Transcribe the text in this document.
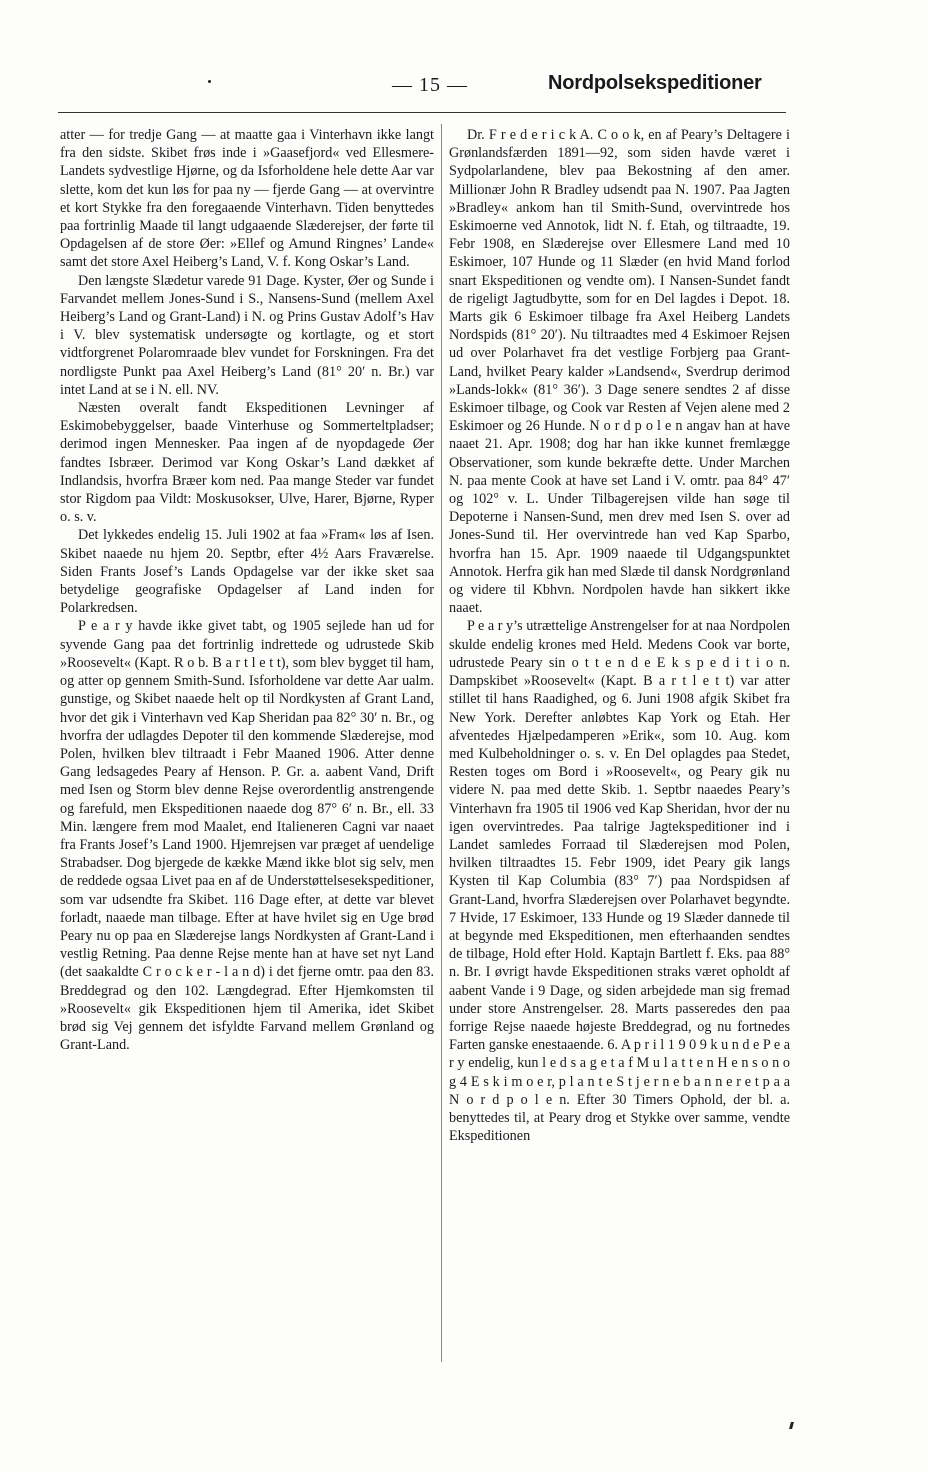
— 15 —	Nordpolsekspeditioner

atter — for tredje Gang — at maatte gaa i Vinterhavn ikke langt fra den sidste. Skibet frøs inde i »Gaasefjord« ved Ellesmere-Landets sydvestlige Hjørne, og da Isforholdene hele dette Aar var slette, kom det kun løs for paa ny — fjerde Gang — at overvintre et kort Stykke fra den foregaaende Vinterhavn. Tiden benyttedes paa fortrinlig Maade til langt udgaaende Slæderejser, der førte til Opdagelsen af de store Øer: »Ellef og Amund Ringnes’ Lande« samt det store Axel Heiberg’s Land, V. f. Kong Oskar’s Land.

Den længste Slædetur varede 91 Dage. Kyster, Øer og Sunde i Farvandet mellem Jones-Sund i S., Nansens-Sund (mellem Axel Heiberg’s Land og Grant-Land) i N. og Prins Gustav Adolf’s Hav i V. blev systematisk undersøgte og kortlagte, og et stort vidtforgrenet Polaromraade blev vundet for Forskningen. Fra det nordligste Punkt paa Axel Heiberg’s Land (81° 20′ n. Br.) var intet Land at se i N. ell. NV.

Næsten overalt fandt Ekspeditionen Levninger af Eskimobebyggelser, baade Vinterhuse og Sommerteltpladser; derimod ingen Mennesker. Paa ingen af de nyopdagede Øer fandtes Isbræer. Derimod var Kong Oskar’s Land dækket af Indlandsis, hvorfra Bræer kom ned. Paa mange Steder var fundet stor Rigdom paa Vildt: Moskusokser, Ulve, Harer, Bjørne, Ryper o. s. v.

Det lykkedes endelig 15. Juli 1902 at faa »Fram« løs af Isen. Skibet naaede nu hjem 20. Septbr, efter 4½ Aars Fraværelse. Siden Frants Josef’s Lands Opdagelse var der ikke sket saa betydelige geografiske Opdagelser af Land inden for Polarkredsen.

P e a r y havde ikke givet tabt, og 1905 sejlede han ud for syvende Gang paa det fortrinlig indrettede og udrustede Skib »Roosevelt« (Kapt. R o b. B a r t l e t t), som blev bygget til ham, og atter op gennem Smith-Sund. Isforholdene var dette Aar ualm. gunstige, og Skibet naaede helt op til Nordkysten af Grant Land, hvor det gik i Vinterhavn ved Kap Sheridan paa 82° 30′ n. Br., og hvorfra der udlagdes Depoter til den kommende Slæderejse, mod Polen, hvilken blev tiltraadt i Febr Maaned 1906. Atter denne Gang ledsagedes Peary af Henson. P. Gr. a. aabent Vand, Drift med Isen og Storm blev denne Rejse overordentlig anstrengende og farefuld, men Ekspeditionen naaede dog 87° 6′ n. Br., ell. 33 Min. længere frem mod Maalet, end Italieneren Cagni var naaet fra Frants Josef’s Land 1900. Hjemrejsen var præget af uendelige Strabadser. Dog bjergede de kække Mænd ikke blot sig selv, men de reddede ogsaa Livet paa en af de Understøttelsesekspeditioner, som var udsendte fra Skibet. 116 Dage efter, at dette var blevet forladt, naaede man tilbage. Efter at have hvilet sig en Uge brød Peary nu op paa en Slæderejse langs Nordkysten af Grant-Land i vestlig Retning. Paa denne Rejse mente han at have set nyt Land (det saakaldte C r o c k e r - l a n d) i det fjerne omtr. paa den 83. Breddegrad og den 102. Længdegrad. Efter Hjemkomsten til »Roosevelt« gik Ekspeditionen hjem til Amerika, idet Skibet brød sig Vej gennem det isfyldte Farvand mellem Grønland og Grant-Land.

Dr. F r e d e r i c k A. C o o k, en af Peary’s Deltagere i Grønlandsfærden 1891—92, som siden havde været i Sydpolarlandene, blev paa Bekostning af den amer. Millionær John R Bradley udsendt paa N. 1907. Paa Jagten »Bradley« ankom han til Smith-Sund, overvintrede hos Eskimoerne ved Annotok, lidt N. f. Etah, og tiltraadte, 19. Febr 1908, en Slæderejse over Ellesmere Land med 10 Eskimoer, 107 Hunde og 11 Slæder (en hvid Mand forlod snart Ekspeditionen og vendte om). I Nansen-Sundet fandt de rigeligt Jagtudbytte, som for en Del lagdes i Depot. 18. Marts gik 6 Eskimoer tilbage fra Axel Heiberg Landets Nordspids (81° 20′). Nu tiltraadtes med 4 Eskimoer Rejsen ud over Polarhavet fra det vestlige Forbjerg paa Grant-Land, hvilket Peary kalder »Landsend«, Sverdrup derimod »Lands-lokk« (81° 36′). 3 Dage senere sendtes 2 af disse Eskimoer tilbage, og Cook var Resten af Vejen alene med 2 Eskimoer og 26 Hunde. N o r d p o l e n angav han at have naaet 21. Apr. 1908; dog har han ikke kunnet fremlægge Observationer, som kunde bekræfte dette. Under Marchen N. paa mente Cook at have set Land i V. omtr. paa 84° 47′ og 102° v. L. Under Tilbagerejsen vilde han søge til Depoterne i Nansen-Sund, men drev med Isen S. over ad Jones-Sund til. Her overvintrede han ved Kap Sparbo, hvorfra han 15. Apr. 1909 naaede til Udgangspunktet Annotok. Herfra gik han med Slæde til dansk Nordgrønland og videre til Kbhvn. Nordpolen havde han sikkert ikke naaet.

P e a r y’s utrættelige Anstrengelser for at naa Nordpolen skulde endelig krones med Held. Medens Cook var borte, udrustede Peary sin o t t e n d e E k s p e d i t i o n. Dampskibet »Roosevelt« (Kapt. B a r t l e t t) var atter stillet til hans Raadighed, og 6. Juni 1908 afgik Skibet fra New York. Derefter anløbtes Kap York og Etah. Her afventedes Hjælpedamperen »Erik«, som 10. Aug. kom med Kulbeholdninger o. s. v. En Del oplagdes paa Stedet, Resten toges om Bord i »Roosevelt«, og Peary gik nu videre N. paa med dette Skib. 1. Septbr naaedes Peary’s Vinterhavn fra 1905 til 1906 ved Kap Sheridan, hvor der nu igen overvintredes. Paa talrige Jagtekspeditioner ind i Landet samledes Forraad til Slæderejsen mod Polen, hvilken tiltraadtes 15. Febr 1909, idet Peary gik langs Kysten til Kap Columbia (83° 7′) paa Nordspidsen af Grant-Land, hvorfra Slæderejsen over Polarhavet begyndte. 7 Hvide, 17 Eskimoer, 133 Hunde og 19 Slæder dannede til at begynde med Ekspeditionen, men efterhaanden sendtes de tilbage, Hold efter Hold. Kaptajn Bartlett f. Eks. paa 88° n. Br. I øvrigt havde Ekspeditionen straks været opholdt af aabent Vande i 9 Dage, og siden arbejdede man sig fremad under store Anstrengelser. 28. Marts passeredes den paa forrige Rejse naaede højeste Breddegrad, og nu fortnedes Farten ganske enestaaende. 6. A p r i l 1 9 0 9 k u n d e P e a r y endelig, kun l e d s a g e t a f M u l a t t e n H e n s o n o g 4 E s k i m o e r, p l a n t e S t j e r n e b a n n e r e t p a a N o r d p o l e n. Efter 30 Timers Ophold, der bl. a. benyttedes til, at Peary drog et Stykke over samme, vendte Ekspeditionen
